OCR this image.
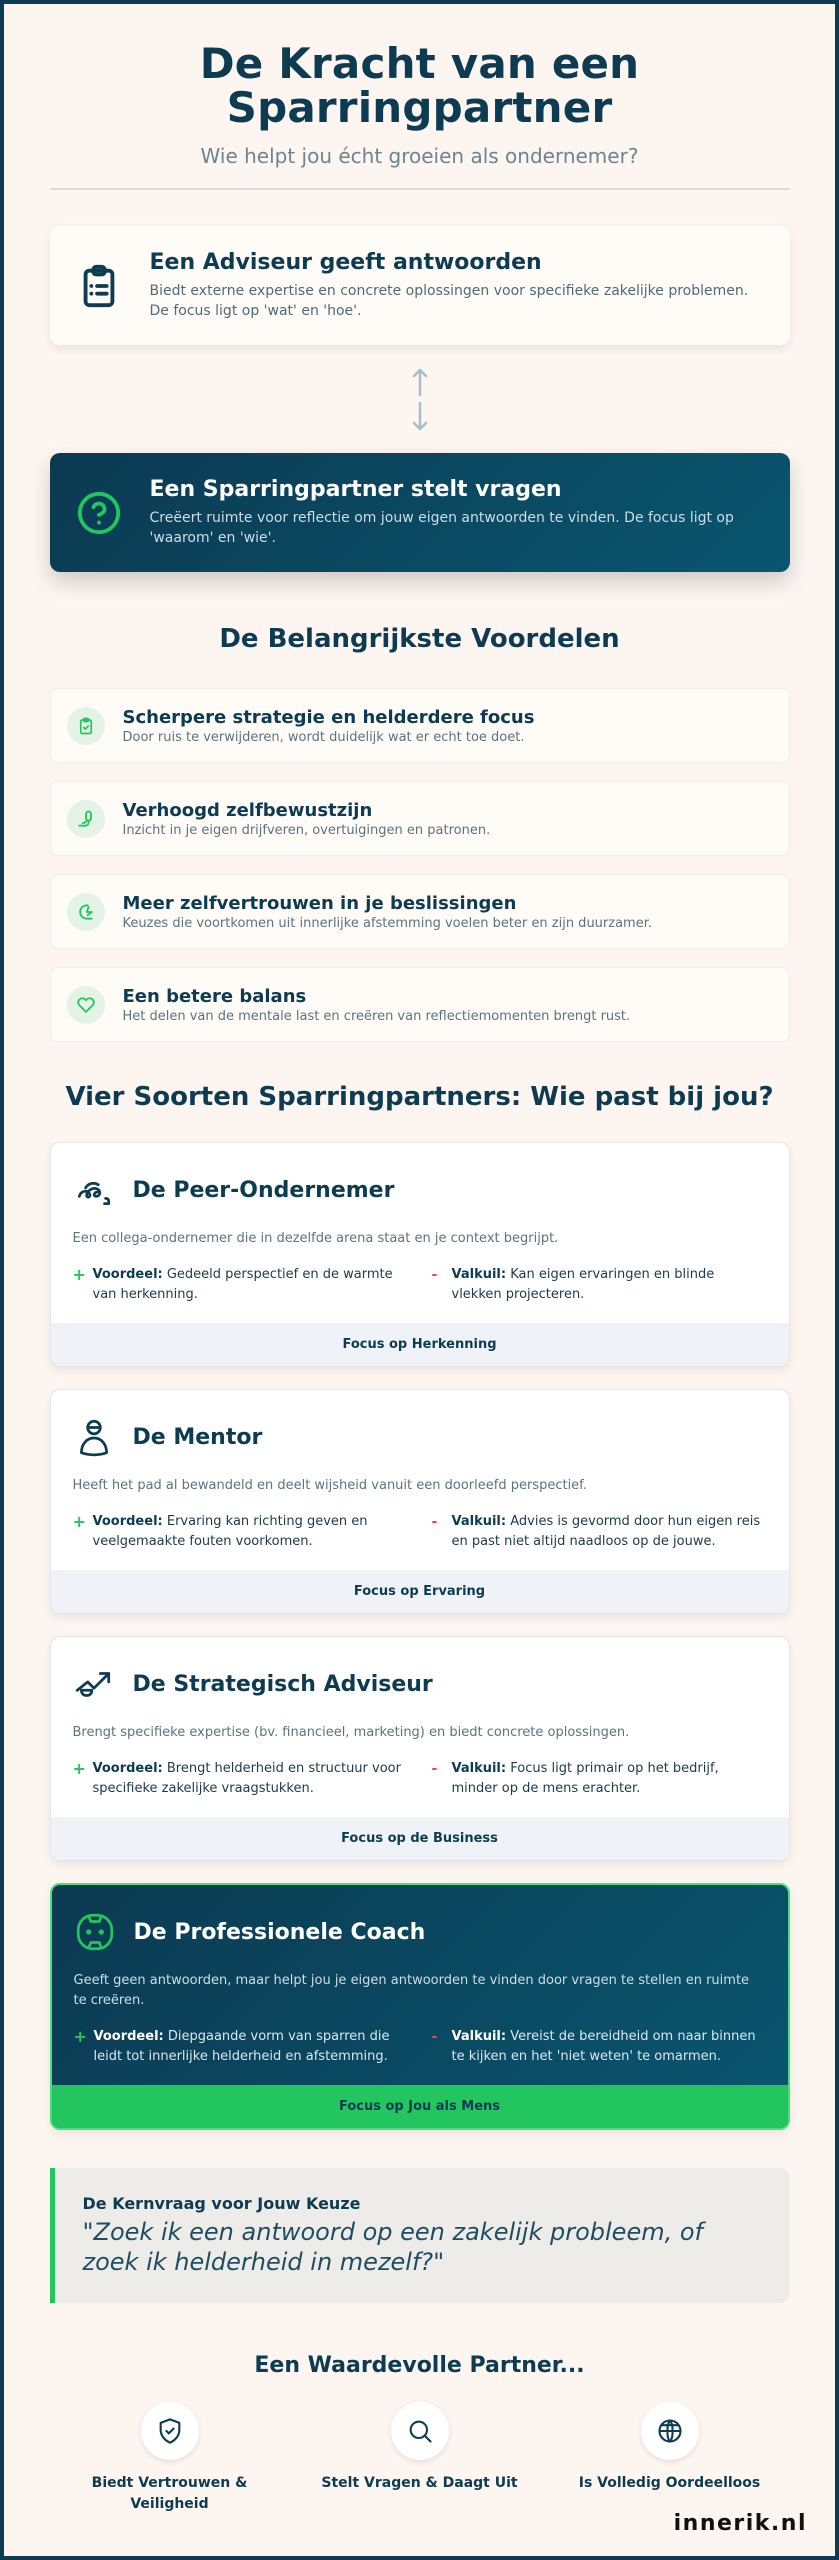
De Kracht van een
Sparringpartner
Wie helpt jou écht groeien als ondernemer?
Een Adviseur geeft antwoorden

Biedt externe expertise en concrete oplossingen voor specifieke zakelijke problemen. De focus ligt op 'wat' en 'hoe'.

Een Sparringpartner stelt vragen

Creëert ruimte voor reflectie om jouw eigen antwoorden te vinden. De focus ligt op 'waarom' en 'wie'.

De Belangrijkste Voordelen
Scherpere strategie en helderdere focus

Door ruis te verwijderen, wordt duidelijk wat er echt toe doet.

Verhoogd zelfbewustzijn

Inzicht in je eigen drijfveren, overtuigingen en patronen.

Meer zelfvertrouwen in je beslissingen

Keuzes die voortkomen uit innerlijke afstemming voelen beter en zijn duurzamer.

Een betere balans

Het delen van de mentale last en creëren van reflectiemomenten brengt rust.

Vier Soorten Sparringpartners: Wie past bij jou?
De Peer-Ondernemer
Een collega-ondernemer die in dezelfde arena staat en je context begrijpt.
+ Voordeel: Gedeeld perspectief en de warmte van herkenning.
-	Valkuil: Kan eigen ervaringen en blinde vlekken projecteren.
Focus op Herkenning
De Mentor
Heeft het pad al bewandeld en deelt wijsheid vanuit een doorleefd perspectief.
+ Voordeel: Ervaring kan richting geven en veelgemaakte fouten voorkomen.
-	Valkuil: Advies is gevormd door hun eigen reis en past niet altijd naadloos op de jouwe.
Focus op Ervaring
De Strategisch Adviseur
Brengt specifieke expertise (bv. financieel, marketing) en biedt concrete oplossingen.
+ Voordeel: Brengt helderheid en structuur voor specifieke zakelijke vraagstukken.
-	Valkuil: Focus ligt primair op het bedrijf, minder op de mens erachter.
Focus op de Business
De Professionele Coach
Geeft geen antwoorden, maar helpt jou je eigen antwoorden te vinden door vragen te stellen en ruimte te creëren.
+ Voordeel: Diepgaande vorm van sparren die leidt tot innerlijke helderheid en afstemming.
-	Valkuil: Vereist de bereidheid om naar binnen te kijken en het 'niet weten' te omarmen.
Focus op Jou als Mens
De Kernvraag voor Jouw Keuze

"Zoek ik een antwoord op een zakelijk probleem, of zoek ik helderheid in mezelf?"

Een Waardevolle Partner...
Biedt Vertrouwen & Veiligheid
Stelt Vragen & Daagt Uit	Is Volledig Oordeelloos
innerik.nl
